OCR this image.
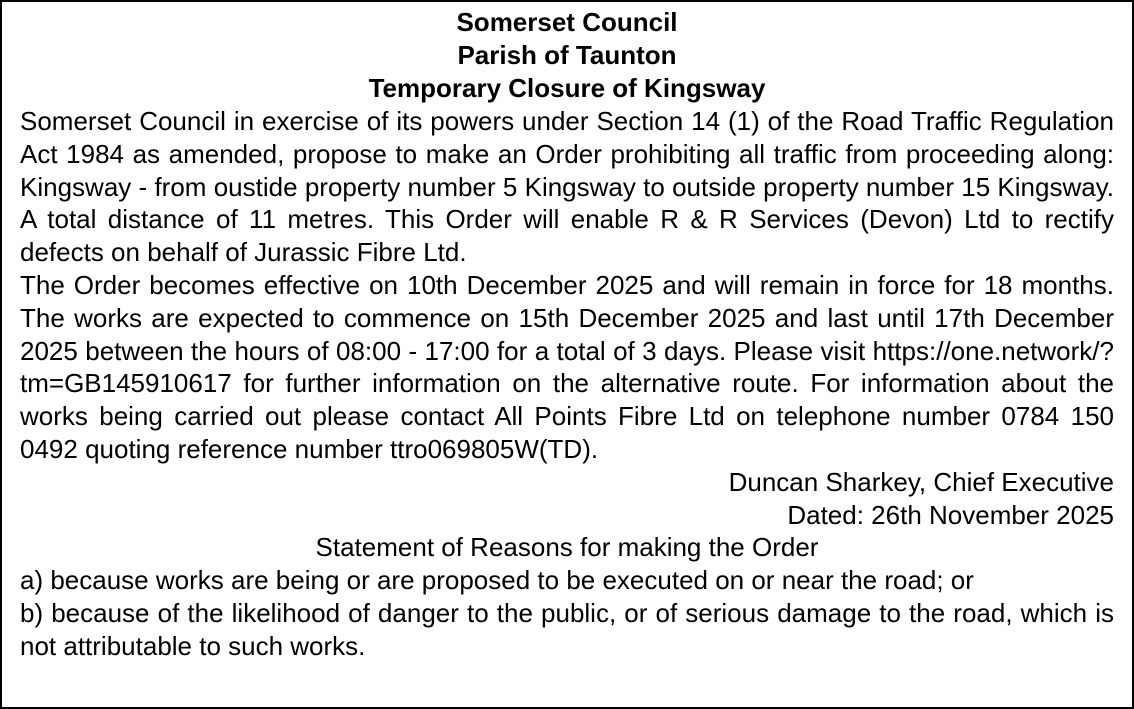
Somerset Council

Parish of Taunton

Temporary Closure of Kingsway

Somerset Council in exercise of its powers under Section 14 (1) of the Road Traffic Regulation Act 1984 as amended, propose to make an Order prohibiting all traffic from proceeding along: Kingsway - from oustide property number 5 Kingsway to outside property number 15 Kingsway. A total distance of 11 metres. This Order will enable R & R Services (Devon) Ltd to rectify defects on behalf of Jurassic Fibre Ltd.

The Order becomes effective on 10th December 2025 and will remain in force for 18 months. The works are expected to commence on 15th December 2025 and last until 17th December 2025 between the hours of 08:00 - 17:00 for a total of 3 days. Please visit https://one.network/?tm=GB145910617 for further information on the alternative route. For information about the works being carried out please contact All Points Fibre Ltd on telephone number 0784 150 0492 quoting reference number ttro069805W(TD).

Duncan Sharkey, Chief Executive

Dated: 26th November 2025

Statement of Reasons for making the Order

a) because works are being or are proposed to be executed on or near the road; or

b) because of the likelihood of danger to the public, or of serious damage to the road, which is not attributable to such works.
